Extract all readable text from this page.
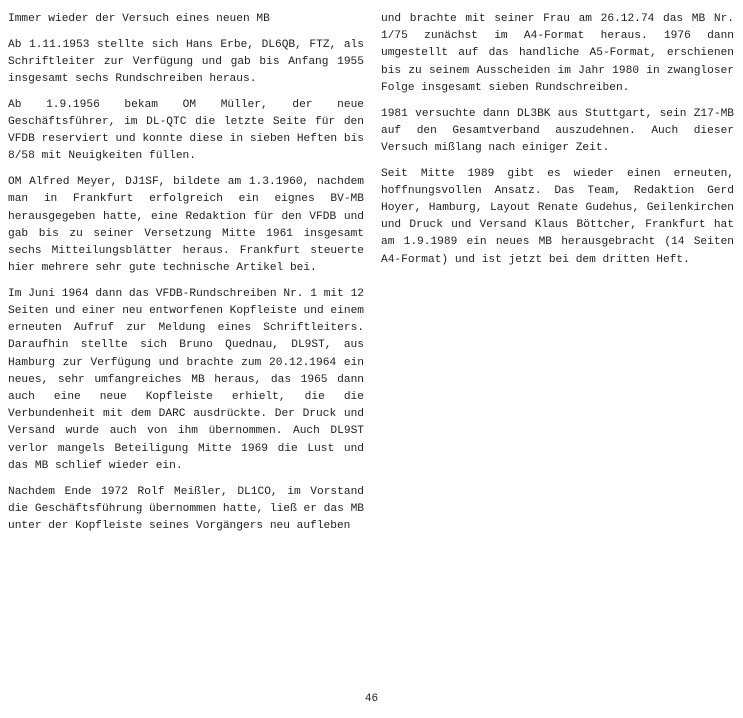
Immer wieder der Versuch eines neuen MB

Ab 1.11.1953 stellte sich Hans Erbe, DL6QB, FTZ, als Schriftleiter zur Verfügung und gab bis Anfang 1955 insgesamt sechs Rundschreiben heraus.

Ab 1.9.1956 bekam OM Müller, der neue Geschäftsführer, im DL-QTC die letzte Seite für den VFDB reserviert und konnte diese in sieben Heften bis 8/58 mit Neuigkeiten füllen.

OM Alfred Meyer, DJ1SF, bildete am 1.3.1960, nachdem man in Frankfurt erfolgreich ein eignes BV-MB herausgegeben hatte, eine Redaktion für den VFDB und gab bis zu seiner Versetzung Mitte 1961 insgesamt sechs Mitteilungsblätter heraus. Frankfurt steuerte hier mehrere sehr gute technische Artikel bei.

Im Juni 1964 dann das VFDB-Rundschreiben Nr. 1 mit 12 Seiten und einer neu entworfenen Kopfleiste und einem erneuten Aufruf zur Meldung eines Schriftleiters. Daraufhin stellte sich Bruno Quednau, DL9ST, aus Hamburg zur Verfügung und brachte zum 20.12.1964 ein neues, sehr umfangreiches MB heraus, das 1965 dann auch eine neue Kopfleiste erhielt, die die Verbundenheit mit dem DARC ausdrückte. Der Druck und Versand wurde auch von ihm übernommen. Auch DL9ST verlor mangels Beteiligung Mitte 1969 die Lust und das MB schlief wieder ein.

Nachdem Ende 1972 Rolf Meißler, DL1CO, im Vorstand die Geschäftsführung übernommen hatte, ließ er das MB unter der Kopfleiste seines Vorgängers neu aufleben

und brachte mit seiner Frau am 26.12.74 das MB Nr. 1/75 zunächst im A4-Format heraus. 1976 dann umgestellt auf das handliche A5-Format, erschienen bis zu seinem Ausscheiden im Jahr 1980 in zwangloser Folge insgesamt sieben Rundschreiben.

1981 versuchte dann DL3BK aus Stuttgart, sein Z17-MB auf den Gesamtverband auszudehnen. Auch dieser Versuch mißlang nach einiger Zeit.

Seit Mitte 1989 gibt es wieder einen erneuten, hoffnungsvollen Ansatz. Das Team, Redaktion Gerd Hoyer, Hamburg, Layout Renate Gudehus, Geilenkirchen und Druck und Versand Klaus Böttcher, Frankfurt hat am 1.9.1989 ein neues MB herausgebracht (14 Seiten A4-Format) und ist jetzt bei dem dritten Heft.

46
